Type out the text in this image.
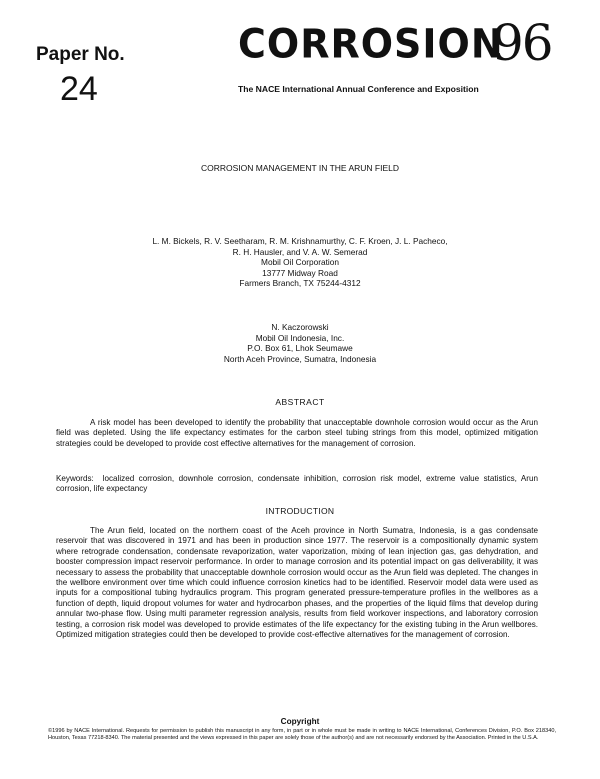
Paper No.
24
CORROSION
96
The NACE International Annual Conference and Exposition
CORROSION MANAGEMENT IN THE ARUN FIELD
L. M. Bickels, R. V. Seetharam, R. M. Krishnamurthy, C. F. Kroen, J. L. Pacheco,
R. H. Hausler, and V. A. W. Semerad
Mobil Oil Corporation
13777 Midway Road
Farmers Branch, TX 75244-4312
N. Kaczorowski
Mobil Oil Indonesia, Inc.
P.O. Box 61, Lhok Seumawe
North Aceh Province, Sumatra, Indonesia
ABSTRACT
A risk model has been developed to identify the probability that unacceptable downhole corrosion would occur as the Arun field was depleted. Using the life expectancy estimates for the carbon steel tubing strings from this model, optimized mitigation strategies could be developed to provide cost effective alternatives for the management of corrosion.
Keywords: localized corrosion, downhole corrosion, condensate inhibition, corrosion risk model, extreme value statistics, Arun corrosion, life expectancy
INTRODUCTION
The Arun field, located on the northern coast of the Aceh province in North Sumatra, Indonesia, is a gas condensate reservoir that was discovered in 1971 and has been in production since 1977. The reservoir is a compositionally dynamic system where retrograde condensation, condensate revaporization, water vaporization, mixing of lean injection gas, gas dehydration, and booster compression impact reservoir performance. In order to manage corrosion and its potential impact on gas deliverability, it was necessary to assess the probability that unacceptable downhole corrosion would occur as the Arun field was depleted. The changes in the wellbore environment over time which could influence corrosion kinetics had to be identified. Reservoir model data were used as inputs for a compositional tubing hydraulics program. This program generated pressure-temperature profiles in the wellbores as a function of depth, liquid dropout volumes for water and hydrocarbon phases, and the properties of the liquid films that develop during annular two-phase flow. Using multi parameter regression analysis, results from field workover inspections, and laboratory corrosion testing, a corrosion risk model was developed to provide estimates of the life expectancy for the existing tubing in the Arun wellbores. Optimized mitigation strategies could then be developed to provide cost-effective alternatives for the management of corrosion.
Copyright
©1996 by NACE International. Requests for permission to publish this manuscript in any form, in part or in whole must be made in writing to NACE International, Conferences Division, P.O. Box 218340, Houston, Texas 77218-8340. The material presented and the views expressed in this paper are solely those of the author(s) and are not necessarily endorsed by the Association. Printed in the U.S.A.
